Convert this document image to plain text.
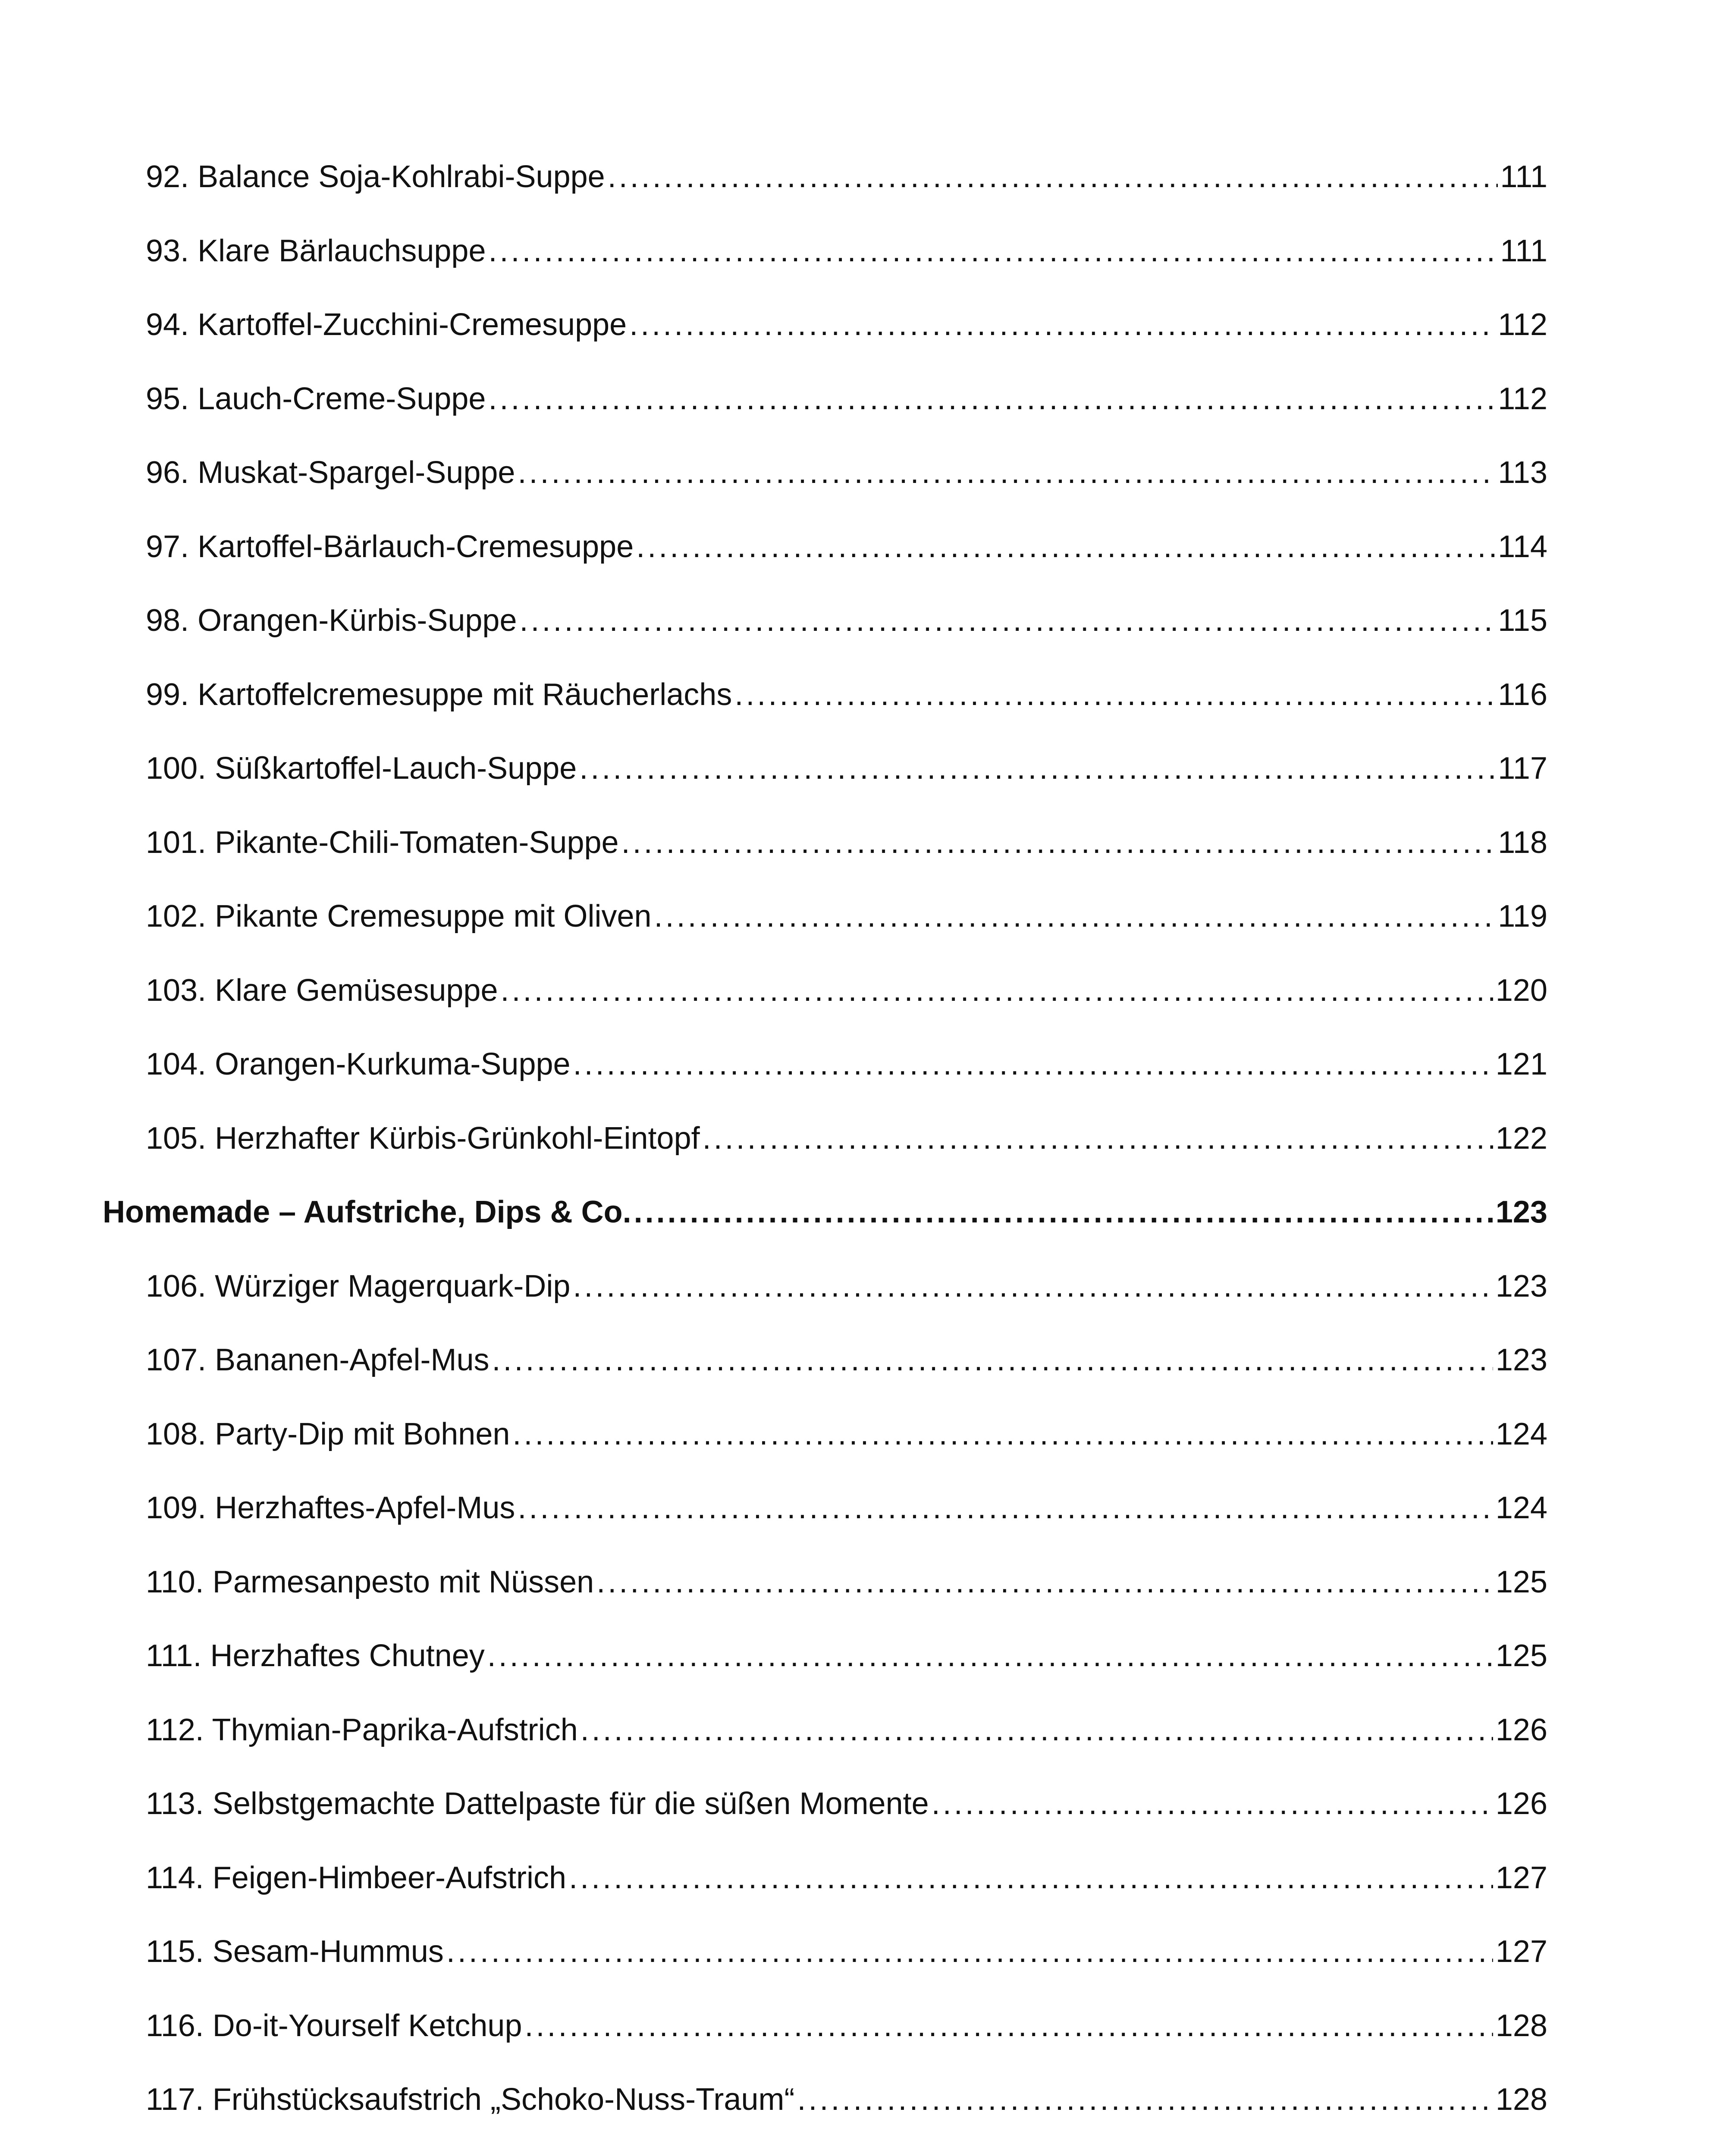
92. Balance Soja-Kohlrabi-Suppe .....	111
93. Klare Bärlauchsuppe .....	111
94. Kartoffel-Zucchini-Cremesuppe .....	112
95. Lauch-Creme-Suppe .....	112
96. Muskat-Spargel-Suppe .....	113
97. Kartoffel-Bärlauch-Cremesuppe .....	114
98. Orangen-Kürbis-Suppe .....	115
99. Kartoffelcremesuppe mit Räucherlachs .....	116
100. Süßkartoffel-Lauch-Suppe .....	117
101. Pikante-Chili-Tomaten-Suppe .....	118
102. Pikante Cremesuppe mit Oliven .....	119
103. Klare Gemüsesuppe .....	120
104. Orangen-Kurkuma-Suppe .....	121
105. Herzhafter Kürbis-Grünkohl-Eintopf .....	122
Homemade – Aufstriche, Dips & Co. .....	123
106. Würziger Magerquark-Dip .....	123
107. Bananen-Apfel-Mus .....	123
108. Party-Dip mit Bohnen .....	124
109. Herzhaftes-Apfel-Mus .....	124
110. Parmesanpesto mit Nüssen .....	125
111. Herzhaftes Chutney .....	125
112. Thymian-Paprika-Aufstrich .....	126
113. Selbstgemachte Dattelpaste für die süßen Momente .....	126
114. Feigen-Himbeer-Aufstrich .....	127
115. Sesam-Hummus .....	127
116. Do-it-Yourself Ketchup .....	128
117. Frühstücksaufstrich „Schoko-Nuss-Traum“ .....	128
.....
